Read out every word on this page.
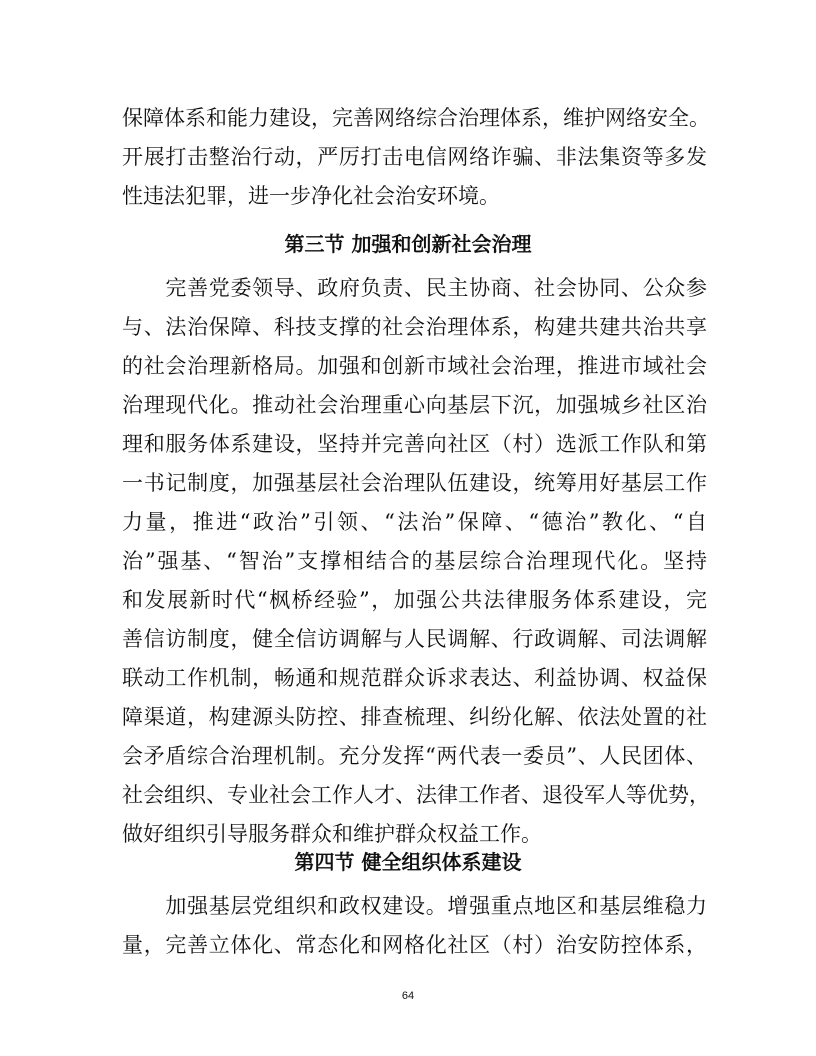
保障体系和能力建设，完善网络综合治理体系，维护网络安全。
开展打击整治行动，严厉打击电信网络诈骗、非法集资等多发
性违法犯罪，进一步净化社会治安环境。
第三节 加强和创新社会治理
　　完善党委领导、政府负责、民主协商、社会协同、公众参
与、法治保障、科技支撑的社会治理体系，构建共建共治共享
的社会治理新格局。加强和创新市域社会治理，推进市域社会
治理现代化。推动社会治理重心向基层下沉，加强城乡社区治
理和服务体系建设，坚持并完善向社区（村）选派工作队和第
一书记制度，加强基层社会治理队伍建设，统筹用好基层工作
力量，推进“政治”引领、“法治”保障、“德治”教化、“自
治”强基、“智治”支撑相结合的基层综合治理现代化。坚持
和发展新时代“枫桥经验”，加强公共法律服务体系建设，完
善信访制度，健全信访调解与人民调解、行政调解、司法调解
联动工作机制，畅通和规范群众诉求表达、利益协调、权益保
障渠道，构建源头防控、排查梳理、纠纷化解、依法处置的社
会矛盾综合治理机制。充分发挥“两代表一委员”、人民团体、
社会组织、专业社会工作人才、法律工作者、退役军人等优势，
做好组织引导服务群众和维护群众权益工作。
第四节 健全组织体系建设
　　加强基层党组织和政权建设。增强重点地区和基层维稳力
量，完善立体化、常态化和网格化社区（村）治安防控体系，
64
